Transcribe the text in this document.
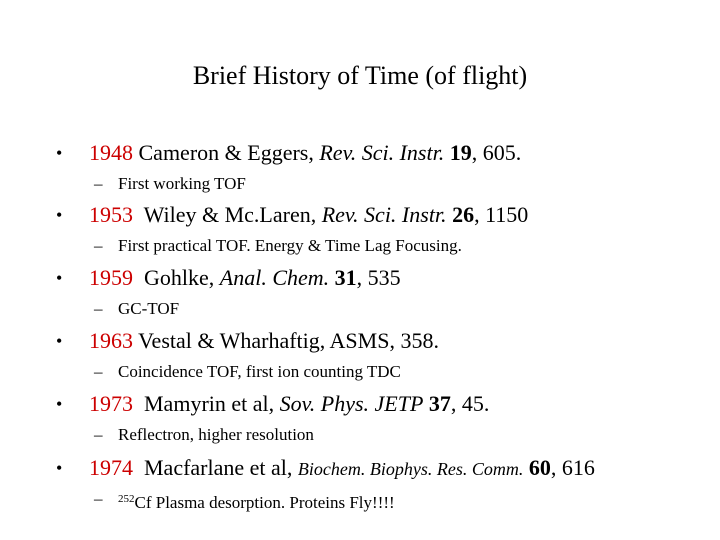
Brief History of Time (of flight)
• 1948 Cameron & Eggers, Rev. Sci. Instr. 19, 605.
– First working TOF
• 1953 Wiley & Mc.Laren, Rev. Sci. Instr. 26, 1150
– First practical TOF. Energy & Time Lag Focusing.
• 1959 Gohlke, Anal. Chem. 31, 535
– GC-TOF
• 1963 Vestal & Wharhaftig, ASMS, 358.
– Coincidence TOF, first ion counting TDC
• 1973 Mamyrin et al, Sov. Phys. JETP 37, 45.
– Reflectron, higher resolution
• 1974 Macfarlane et al, Biochem. Biophys. Res. Comm. 60, 616
– $^{252}$Cf Plasma desorption. Proteins Fly!!!!
